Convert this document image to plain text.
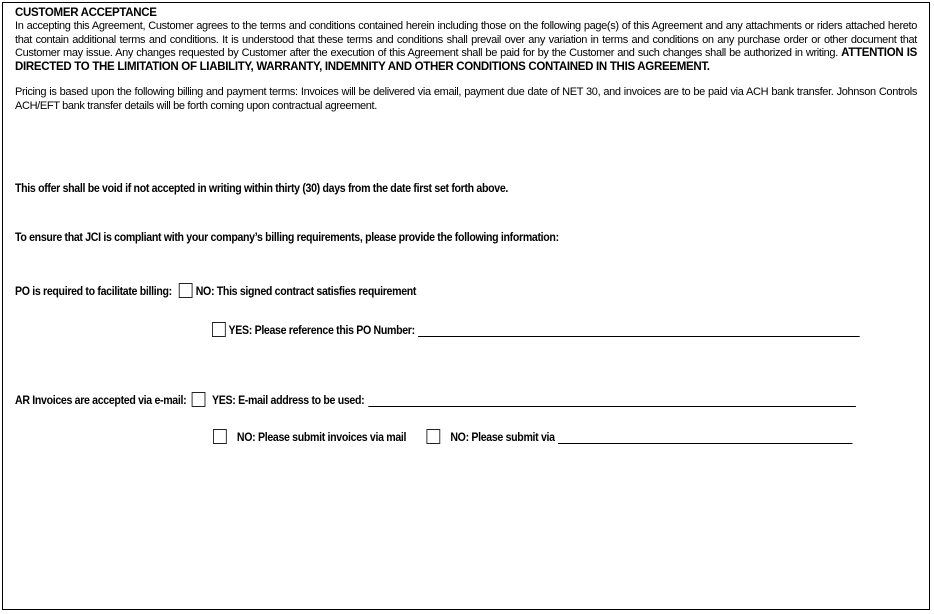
CUSTOMER ACCEPTANCE

In accepting this Agreement, Customer agrees to the terms and conditions contained herein including those on the following page(s) of this Agreement and any attachments or riders attached hereto that contain additional terms and conditions. It is understood that these terms and conditions shall prevail over any variation in terms and conditions on any purchase order or other document that Customer may issue. Any changes requested by Customer after the execution of this Agreement shall be paid for by the Customer and such changes shall be authorized in writing. ATTENTION IS DIRECTED TO THE LIMITATION OF LIABILITY, WARRANTY, INDEMNITY AND OTHER CONDITIONS CONTAINED IN THIS AGREEMENT.

Pricing is based upon the following billing and payment terms: Invoices will be delivered via email, payment due date of NET 30, and invoices are to be paid via ACH bank transfer. Johnson Controls ACH/EFT bank transfer details will be forth coming upon contractual agreement.

This offer shall be void if not accepted in writing within thirty (30) days from the date first set forth above.
To ensure that JCI is compliant with your company’s billing requirements, please provide the following information:
PO is required to facilitate billing: NO: This signed contract satisfies requirement
YES: Please reference this PO Number:
AR Invoices are accepted via e-mail: YES: E-mail address to be used:
NO: Please submit invoices via mail	NO: Please submit via
